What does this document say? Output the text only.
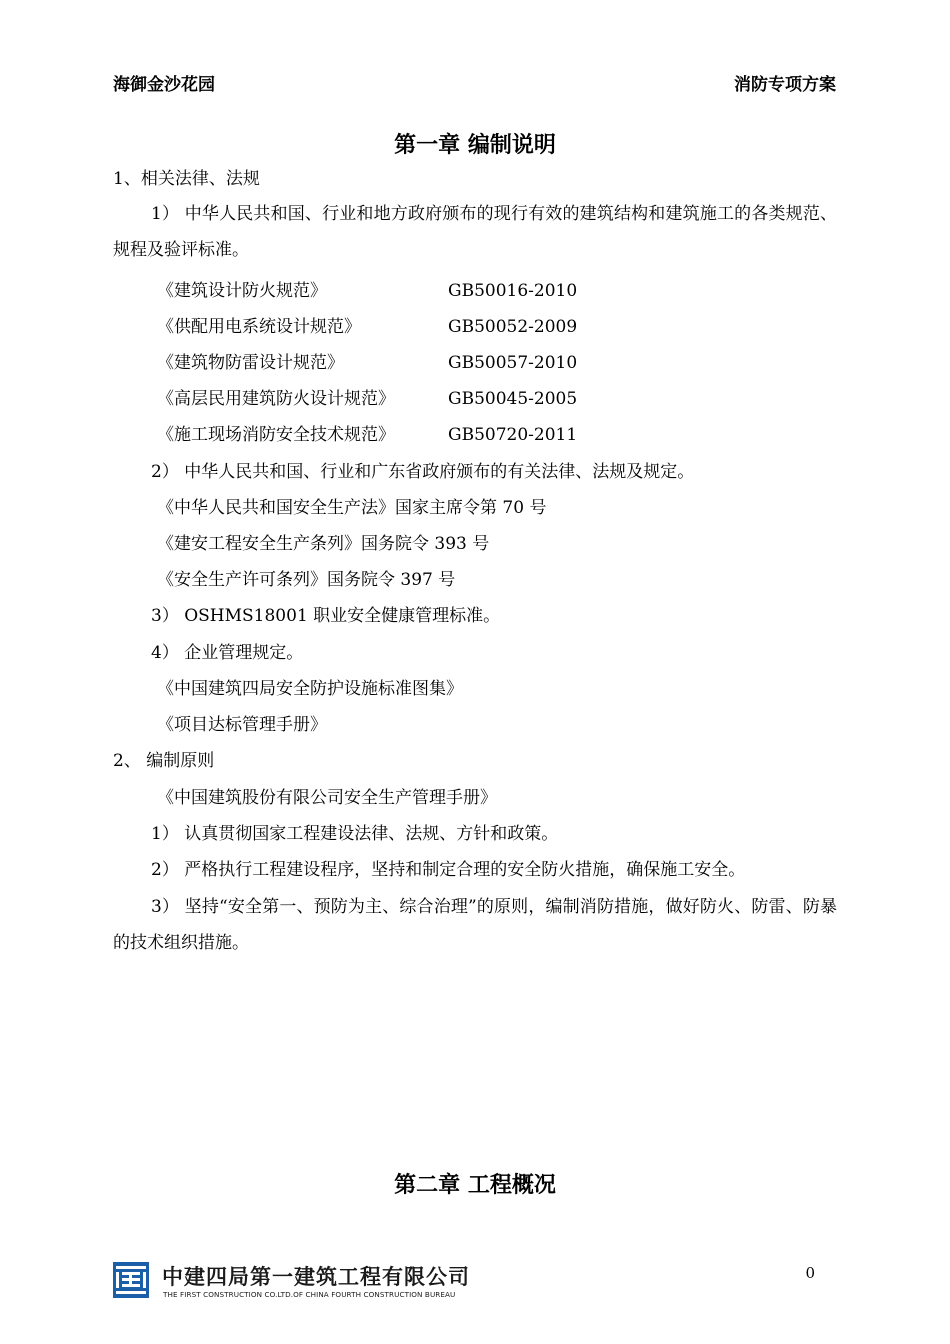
海御金沙花园	消防专项方案
第一章 编制说明
1、相关法律、法规
1） 中华人民共和国、行业和地方政府颁布的现行有效的建筑结构和建筑施工的各类规范、规程及验评标准。
《建筑设计防火规范》	GB50016-2010
《供配用电系统设计规范》	GB50052-2009
《建筑物防雷设计规范》	GB50057-2010
《高层民用建筑防火设计规范》	GB50045-2005
《施工现场消防安全技术规范》	GB50720-2011
2） 中华人民共和国、行业和广东省政府颁布的有关法律、法规及规定。
《中华人民共和国安全生产法》国家主席令第 70 号
《建安工程安全生产条列》国务院令 393 号
《安全生产许可条列》国务院令 397 号
3） OSHMS18001 职业安全健康管理标准。
4） 企业管理规定。
《中国建筑四局安全防护设施标准图集》
《项目达标管理手册》
2、 编制原则
《中国建筑股份有限公司安全生产管理手册》
1） 认真贯彻国家工程建设法律、法规、方针和政策。
2） 严格执行工程建设程序，坚持和制定合理的安全防火措施，确保施工安全。
3） 坚持“安全第一、预防为主、综合治理”的原则，编制消防措施，做好防火、防雷、防暴的技术组织措施。
第二章 工程概况
中建四局第一建筑工程有限公司
THE FIRST CONSTRUCTION CO.LTD.OF CHINA FOURTH CONSTRUCTION BUREAU
0
